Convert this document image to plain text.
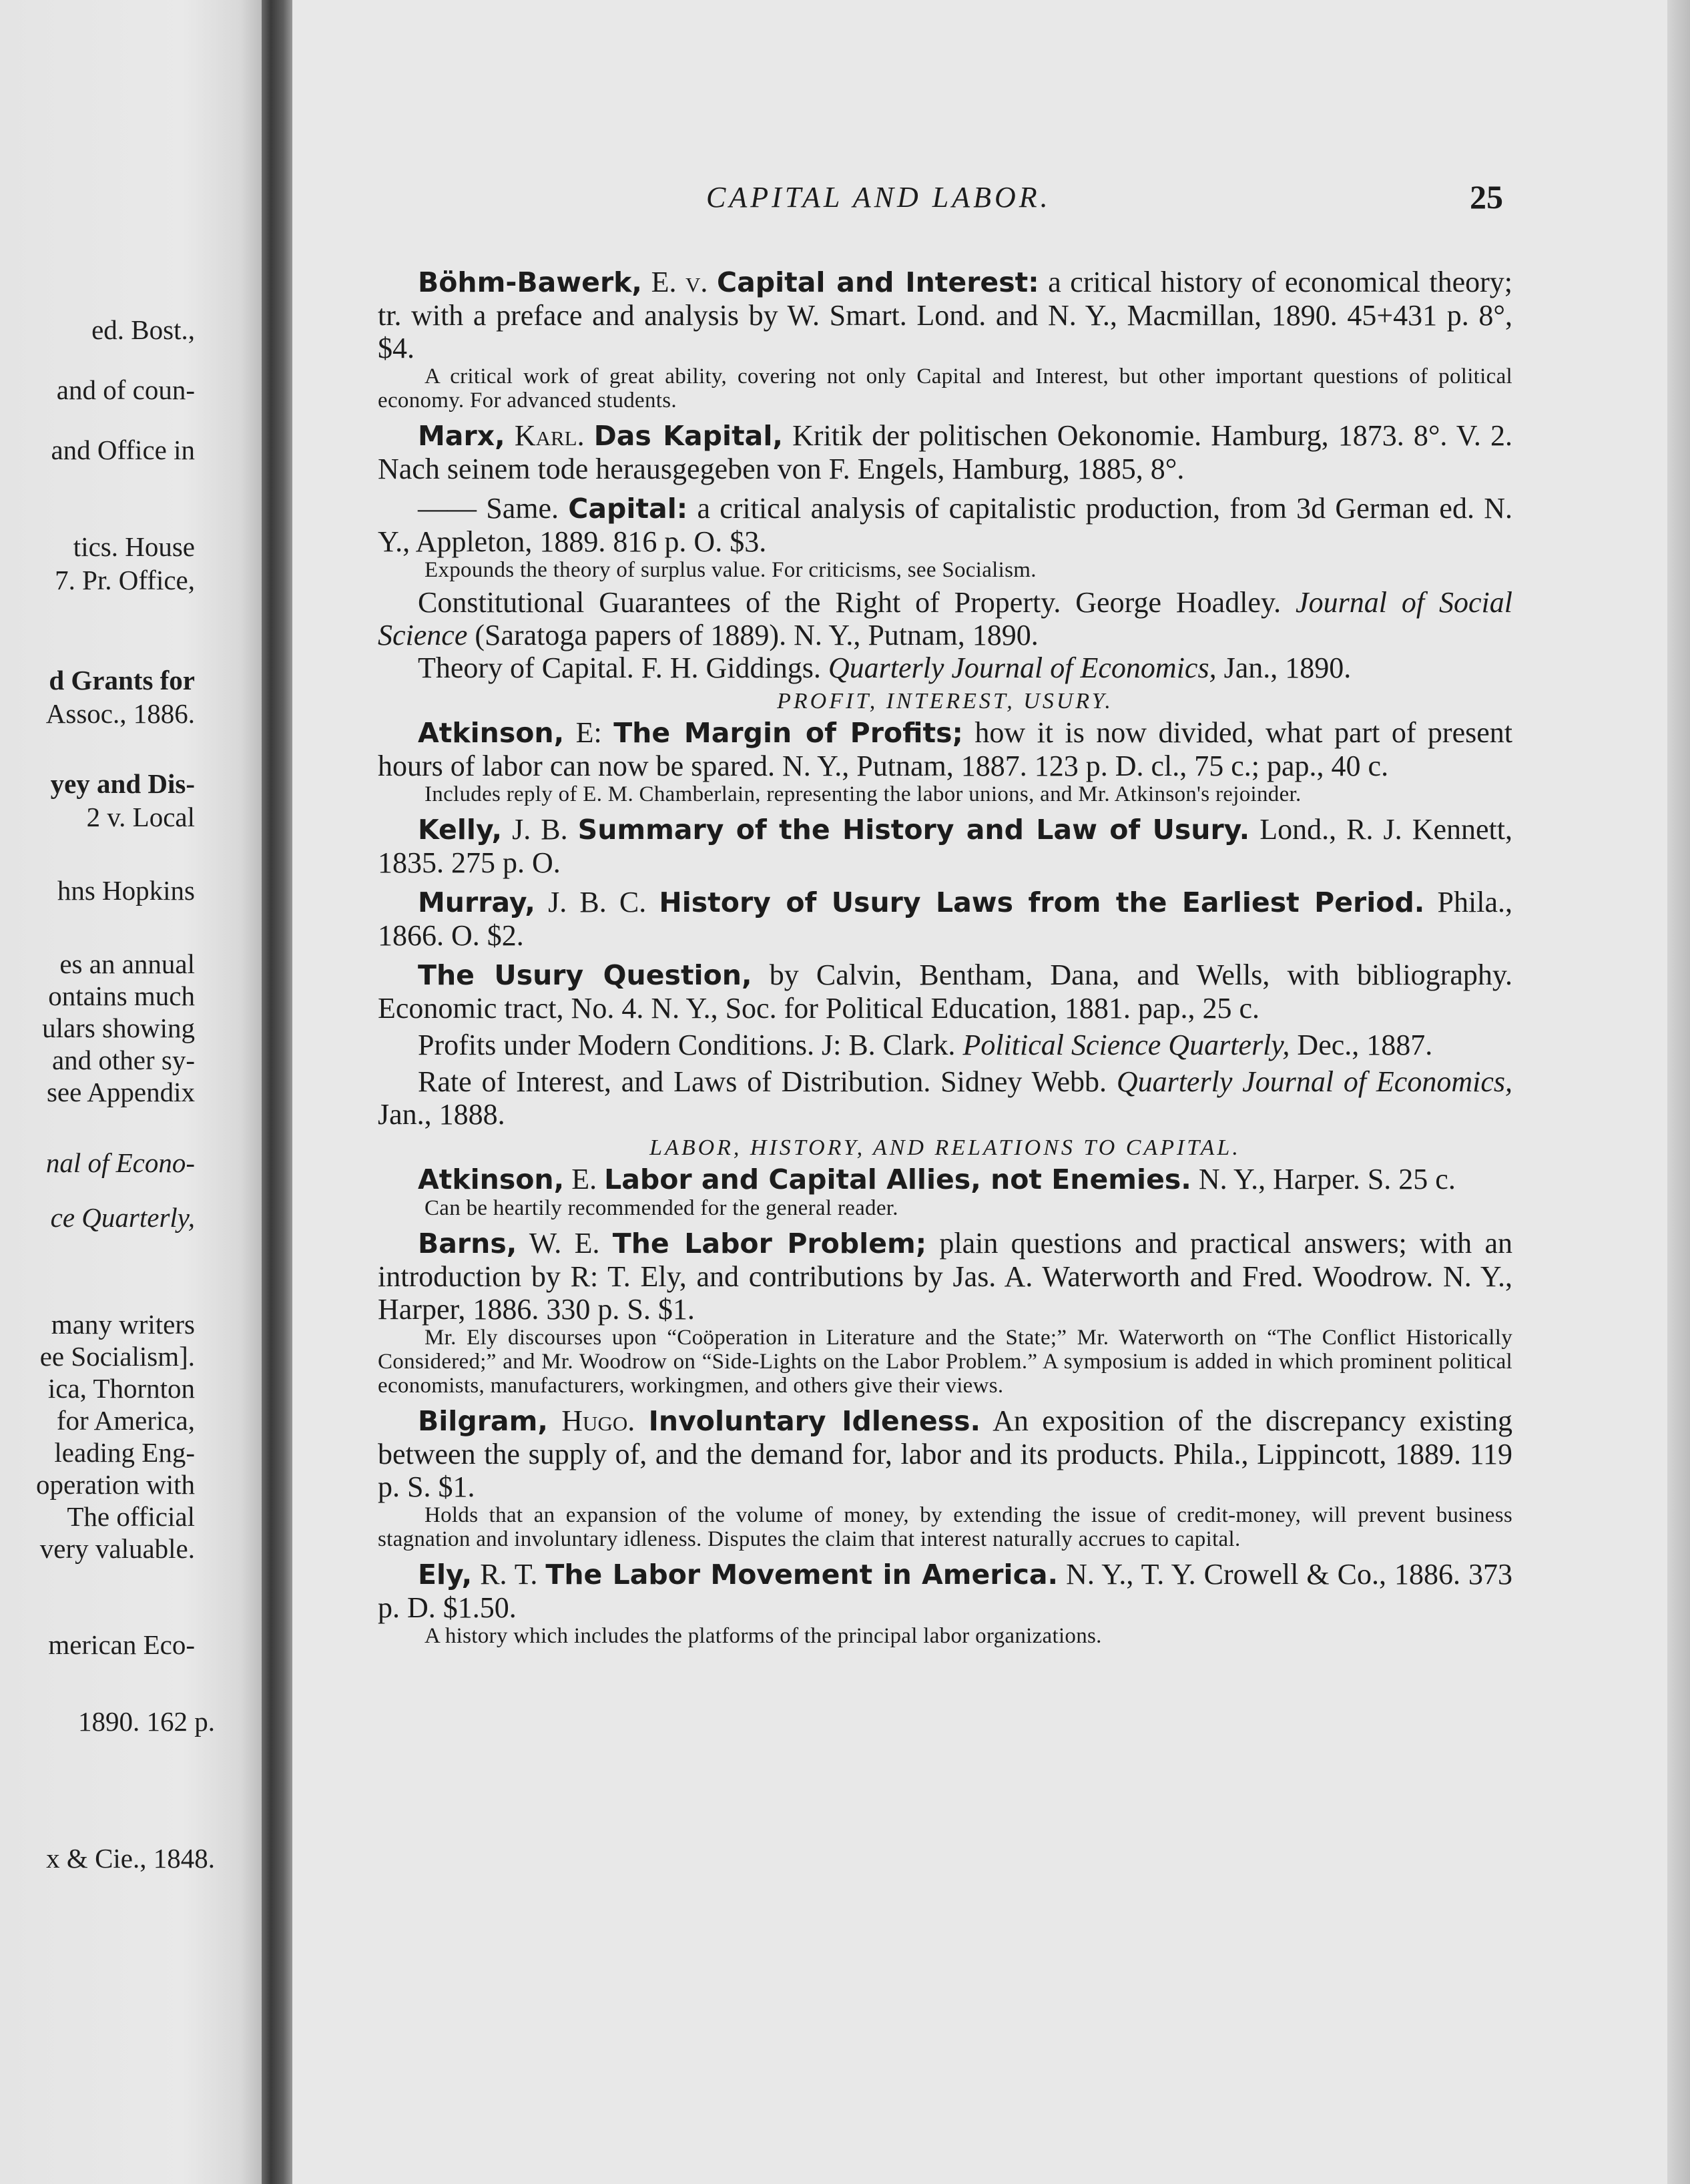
ed. Bost.,
and of coun-
and Office in
tics. House
7. Pr. Office,
d Grants for
Assoc., 1886.
yey and Dis-
2 v. Local
hns Hopkins
es an annual
ontains much
ulars showing
and other sy-
see Appendix
nal of Econo-
ce Quarterly,
many writers
ee Socialism].
ica, Thornton
for America,
leading Eng-
operation with
The official
very valuable.
merican Eco-
1890. 162 p.
x & Cie., 1848.
CAPITAL AND LABOR.	25

Böhm-Bawerk, E. v. Capital and Interest: a critical history of economical theory; tr. with a preface and analysis by W. Smart. Lond. and N. Y., Macmillan, 1890. 45+431 p. 8°, $4.

A critical work of great ability, covering not only Capital and Interest, but other important questions of political economy. For advanced students.

Marx, Karl. Das Kapital, Kritik der politischen Oekonomie. Hamburg, 1873. 8°. V. 2. Nach seinem tode herausgegeben von F. Engels, Hamburg, 1885, 8°.

—— Same. Capital: a critical analysis of capitalistic production, from 3d German ed. N. Y., Appleton, 1889. 816 p. O. $3.

Expounds the theory of surplus value. For criticisms, see Socialism.

Constitutional Guarantees of the Right of Property. George Hoadley. Journal of Social Science (Saratoga papers of 1889). N. Y., Putnam, 1890.

Theory of Capital. F. H. Giddings. Quarterly Journal of Economics, Jan., 1890.

PROFIT, INTEREST, USURY.

Atkinson, E: The Margin of Profits; how it is now divided, what part of present hours of labor can now be spared. N. Y., Putnam, 1887. 123 p. D. cl., 75 c.; pap., 40 c.

Includes reply of E. M. Chamberlain, representing the labor unions, and Mr. Atkinson's rejoinder.

Kelly, J. B. Summary of the History and Law of Usury. Lond., R. J. Kennett, 1835. 275 p. O.

Murray, J. B. C. History of Usury Laws from the Earliest Period. Phila., 1866. O. $2.

The Usury Question, by Calvin, Bentham, Dana, and Wells, with bibliography. Economic tract, No. 4. N. Y., Soc. for Political Education, 1881. pap., 25 c.

Profits under Modern Conditions. J: B. Clark. Political Science Quarterly, Dec., 1887.

Rate of Interest, and Laws of Distribution. Sidney Webb. Quarterly Journal of Economics, Jan., 1888.

LABOR, HISTORY, AND RELATIONS TO CAPITAL.

Atkinson, E. Labor and Capital Allies, not Enemies. N. Y., Harper. S. 25 c.

Can be heartily recommended for the general reader.

Barns, W. E. The Labor Problem; plain questions and practical answers; with an introduction by R: T. Ely, and contributions by Jas. A. Waterworth and Fred. Woodrow. N. Y., Harper, 1886. 330 p. S. $1.

Mr. Ely discourses upon “Coöperation in Literature and the State;” Mr. Waterworth on “The Conflict Historically Considered;” and Mr. Woodrow on “Side-Lights on the Labor Problem.” A symposium is added in which prominent political economists, manufacturers, workingmen, and others give their views.

Bilgram, Hugo. Involuntary Idleness. An exposition of the discrepancy existing between the supply of, and the demand for, labor and its products. Phila., Lippincott, 1889. 119 p. S. $1.

Holds that an expansion of the volume of money, by extending the issue of credit-money, will prevent business stagnation and involuntary idleness. Disputes the claim that interest naturally accrues to capital.

Ely, R. T. The Labor Movement in America. N. Y., T. Y. Crowell & Co., 1886. 373 p. D. $1.50.

A history which includes the platforms of the principal labor organizations.
